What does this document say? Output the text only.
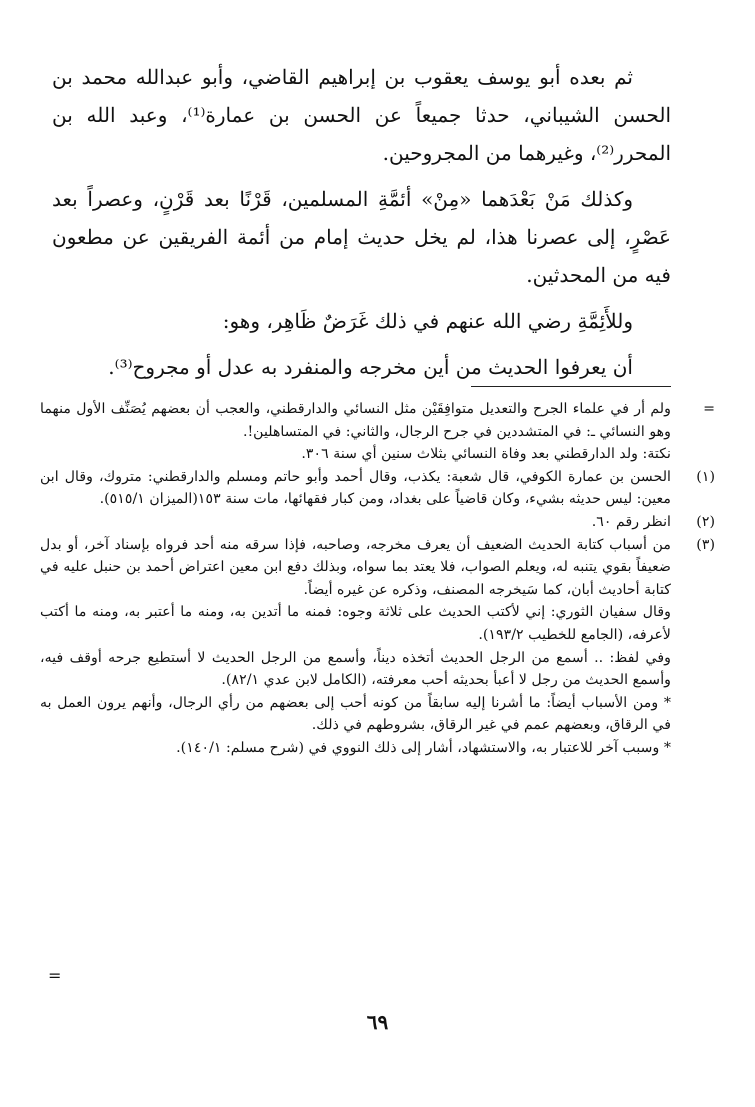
ثم بعده أبو يوسف يعقوب بن إبراهيم القاضي، وأبو عبدالله محمد بن الحسن الشيباني، حدثا جميعاً عن الحسن بن عمارة⁽¹⁾، وعبد الله بن المحرر⁽²⁾، وغيرهما من المجروحين.

وكذلك مَنْ بَعْدَهما «مِنْ» أئمَّةِ المسلمين، قَرْنًا بعد قَرْنٍ، وعصراً بعد عَصْرٍ، إلى عصرنا هذا، لم يخل حديث إمام من أئمة الفريقين عن مطعون فيه من المحدثين.

وللأَئِمَّةِ رضي الله عنهم في ذلك غَرَضٌ ظَاهِر، وهو:

أن يعرفوا الحديث من أين مخرجه والمنفرد به عدل أو مجروح⁽³⁾.

=

ولم أر في علماء الجرح والتعديل متوافِقَيْن مثل النسائي والدارقطني، والعجب أن بعضهم يُصَنِّف الأول منهما وهو النسائي ـ: في المتشددين في جرح الرجال، والثاني: في المتساهلين!.

نكتة: ولد الدارقطني بعد وفاة النسائي بثلاث سنين أي سنة ٣٠٦.

(١)

الحسن بن عمارة الكوفي، قال شعبة: يكذب، وقال أحمد وأبو حاتم ومسلم والدارقطني: متروك، وقال ابن معين: ليس حديثه بشيء، وكان قاضياً على بغداد، ومن كبار فقهائها، مات سنة ١٥٣(الميزان ٥١٥/١).

(٢)

انظر رقم ٦٠.

(٣)

من أسباب كتابة الحديث الضعيف أن يعرف مخرجه، وصاحبه، فإذا سرقه منه أحد فرواه بإسناد آخر، أو بدل ضعيفاً بقوي يتنبه له، ويعلم الصواب، فلا يعتد بما سواه، وبذلك دفع ابن معين اعتراض أحمد بن حنبل عليه في كتابة أحاديث أبان، كما سَيخرجه المصنف، وذكره عن غيره أيضاً.

وقال سفيان الثوري: إني لأكتب الحديث على ثلاثة وجوه: فمنه ما أتدين به، ومنه ما أعتبر به، ومنه ما أكتب لأعرفه، (الجامع للخطيب ١٩٣/٢).

وفي لفظ: .. أسمع من الرجل الحديث أتخذه ديناً، وأسمع من الرجل الحديث لا أستطيع جرحه أوقف فيه، وأسمع الحديث من رجل لا أعبأ بحديثه أحب معرفته، (الكامل لابن عدي ٨٢/١).

* ومن الأسباب أيضاً: ما أشرنا إليه سابقاً من كونه أحب إلى بعضهم من رأي الرجال، وأنهم يرون العمل به في الرقاق، وبعضهم عمم في غير الرقاق، بشروطهم في ذلك.

* وسبب آخر للاعتبار به، والاستشهاد، أشار إلى ذلك النووي في (شرح مسلم: ١٤٠/١).

=
٦٩
